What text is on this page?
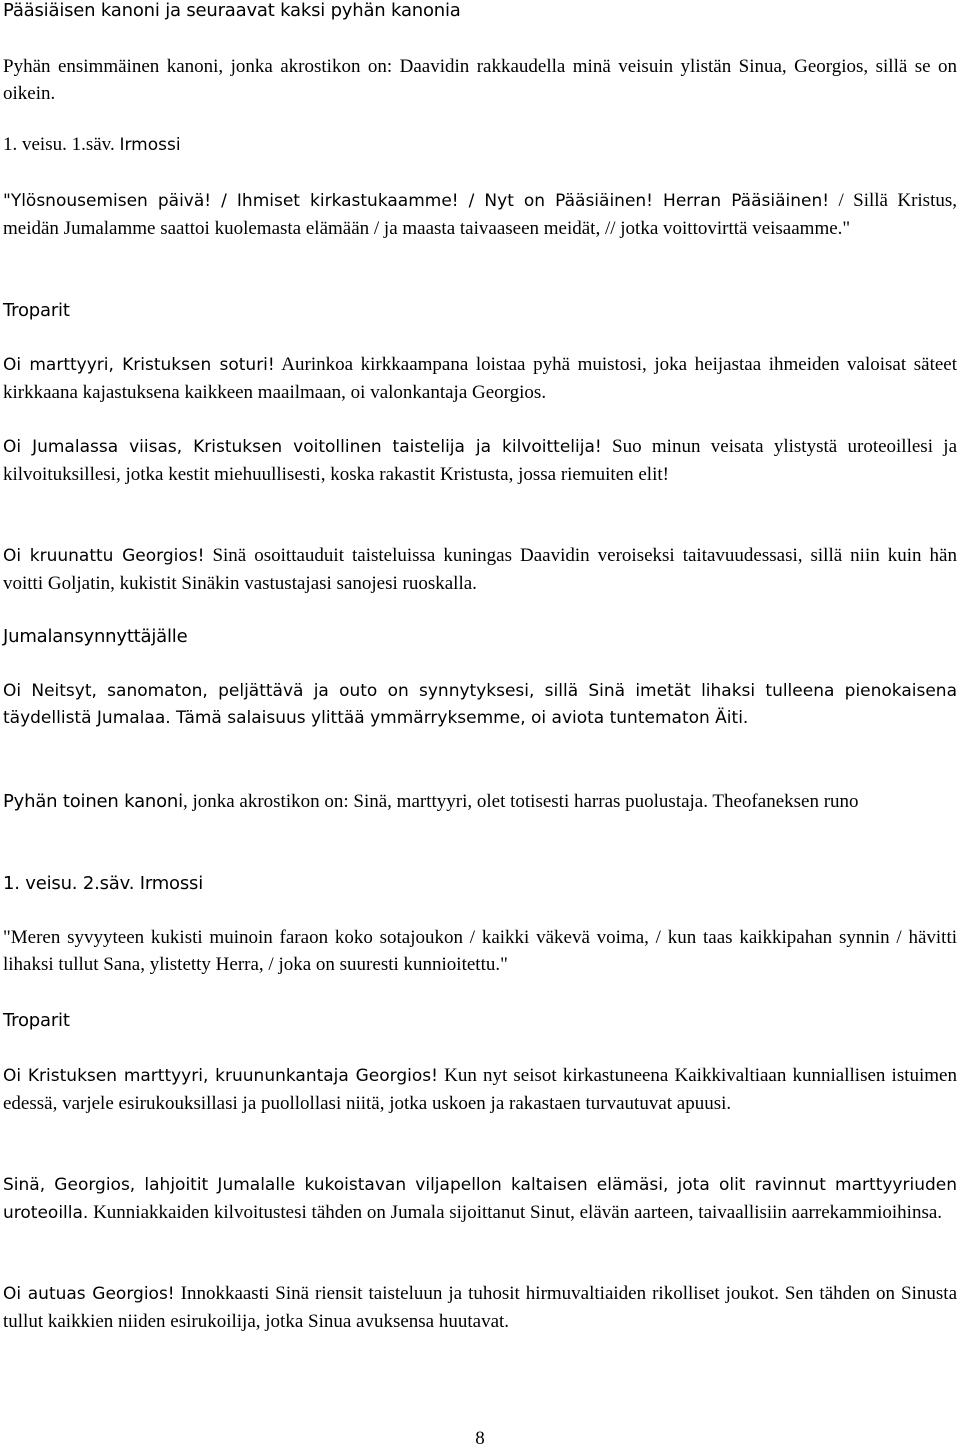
Pääsiäisen kanoni ja seuraavat kaksi pyhän kanonia

Pyhän ensimmäinen kanoni, jonka akrostikon on: Daavidin rakkaudella minä veisuin ylistän Sinua, Georgios, sillä se on oikein.

1. veisu. 1.säv. Irmossi

"Ylösnousemisen päivä! / Ihmiset kirkastukaamme! / Nyt on Pääsiäinen! Herran Pääsiäinen! / Sillä Kristus, meidän Jumalamme saattoi kuolemasta elämään / ja maasta taivaaseen meidät, // jotka voittovirttä veisaamme."

Troparit

Oi marttyyri, Kristuksen soturi! Aurinkoa kirkkaampana loistaa pyhä muistosi, joka heijastaa ihmeiden valoisat säteet kirkkaana kajastuksena kaikkeen maailmaan, oi valonkantaja Georgios.

Oi Jumalassa viisas, Kristuksen voitollinen taistelija ja kilvoittelija! Suo minun veisata ylistystä uroteoillesi ja kilvoituksillesi, jotka kestit miehuullisesti, koska rakastit Kristusta, jossa riemuiten elit!

Oi kruunattu Georgios! Sinä osoittauduit taisteluissa kuningas Daavidin veroiseksi taitavuudessasi, sillä niin kuin hän voitti Goljatin, kukistit Sinäkin vastustajasi sanojesi ruoskalla.

Jumalansynnyttäjälle

Oi Neitsyt, sanomaton, peljättävä ja outo on synnytyksesi, sillä Sinä imetät lihaksi tulleena pienokaisena täydellistä Jumalaa. Tämä salaisuus ylittää ymmärryksemme, oi aviota tuntematon Äiti.

Pyhän toinen kanoni, jonka akrostikon on: Sinä, marttyyri, olet totisesti harras puolustaja. Theofaneksen runo

1. veisu. 2.säv. Irmossi

"Meren syvyyteen kukisti muinoin faraon koko sotajoukon / kaikki väkevä voima, / kun taas kaikkipahan synnin / hävitti lihaksi tullut Sana, ylistetty Herra, / joka on suuresti kunnioitettu."

Troparit

Oi Kristuksen marttyyri, kruununkantaja Georgios! Kun nyt seisot kirkastuneena Kaikkivaltiaan kunniallisen istuimen edessä, varjele esirukouksillasi ja puollollasi niitä, jotka uskoen ja rakastaen turvautuvat apuusi.

Sinä, Georgios, lahjoitit Jumalalle kukoistavan viljapellon kaltaisen elämäsi, jota olit ravinnut marttyyriuden uroteoilla. Kunniakkaiden kilvoitustesi tähden on Jumala sijoittanut Sinut, elävän aarteen, taivaallisiin aarrekammioihinsa.

Oi autuas Georgios! Innokkaasti Sinä riensit taisteluun ja tuhosit hirmuvaltiaiden rikolliset joukot. Sen tähden on Sinusta tullut kaikkien niiden esirukoilija, jotka Sinua avuksensa huutavat.

8
